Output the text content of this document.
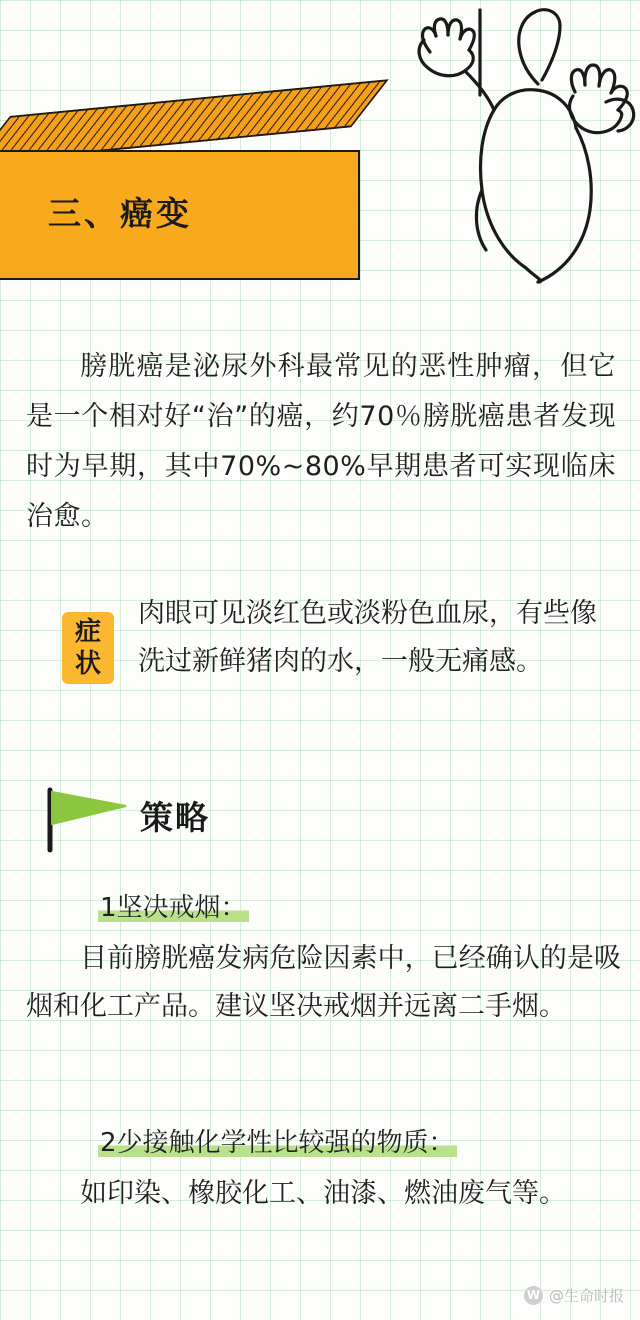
三、癌变
膀胱癌是泌尿外科最常见的恶性肿瘤，但它是一个相对好“治”的癌，约70％膀胱癌患者发现时为早期，其中70%~80%早期患者可实现临床治愈。
症
状
肉眼可见淡红色或淡粉色血尿，有些像洗过新鲜猪肉的水，一般无痛感。
策略
1坚决戒烟：
目前膀胱癌发病危险因素中，已经确认的是吸烟和化工产品。建议坚决戒烟并远离二手烟。
2少接触化学性比较强的物质：
如印染、橡胶化工、油漆、燃油废气等。
W @生命时报
